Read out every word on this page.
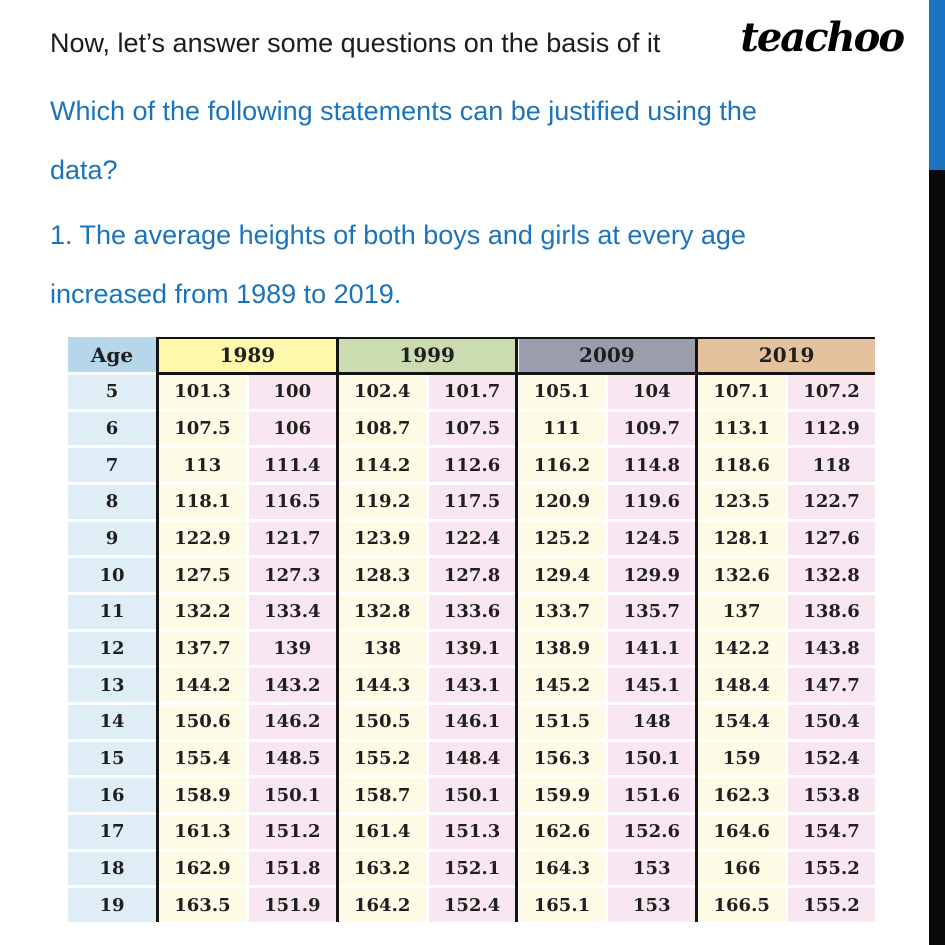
Now, let’s answer some questions on the basis of it	teachoo
Which of the following statements can be justified using the
data?
1. The average heights of both boys and girls at every age
increased from 1989 to 2019.
Age	1989	1999	2009	2019
5	101.3	100	102.4	101.7	105.1	104	107.1	107.2
6	107.5	106	108.7	107.5	111	109.7	113.1	112.9
7	113	111.4	114.2	112.6	116.2	114.8	118.6	118
8	118.1	116.5	119.2	117.5	120.9	119.6	123.5	122.7
9	122.9	121.7	123.9	122.4	125.2	124.5	128.1	127.6
10	127.5	127.3	128.3	127.8	129.4	129.9	132.6	132.8
11	132.2	133.4	132.8	133.6	133.7	135.7	137	138.6
12	137.7	139	138	139.1	138.9	141.1	142.2	143.8
13	144.2	143.2	144.3	143.1	145.2	145.1	148.4	147.7
14	150.6	146.2	150.5	146.1	151.5	148	154.4	150.4
15	155.4	148.5	155.2	148.4	156.3	150.1	159	152.4
16	158.9	150.1	158.7	150.1	159.9	151.6	162.3	153.8
17	161.3	151.2	161.4	151.3	162.6	152.6	164.6	154.7
18	162.9	151.8	163.2	152.1	164.3	153	166	155.2
19	163.5	151.9	164.2	152.4	165.1	153	166.5	155.2
